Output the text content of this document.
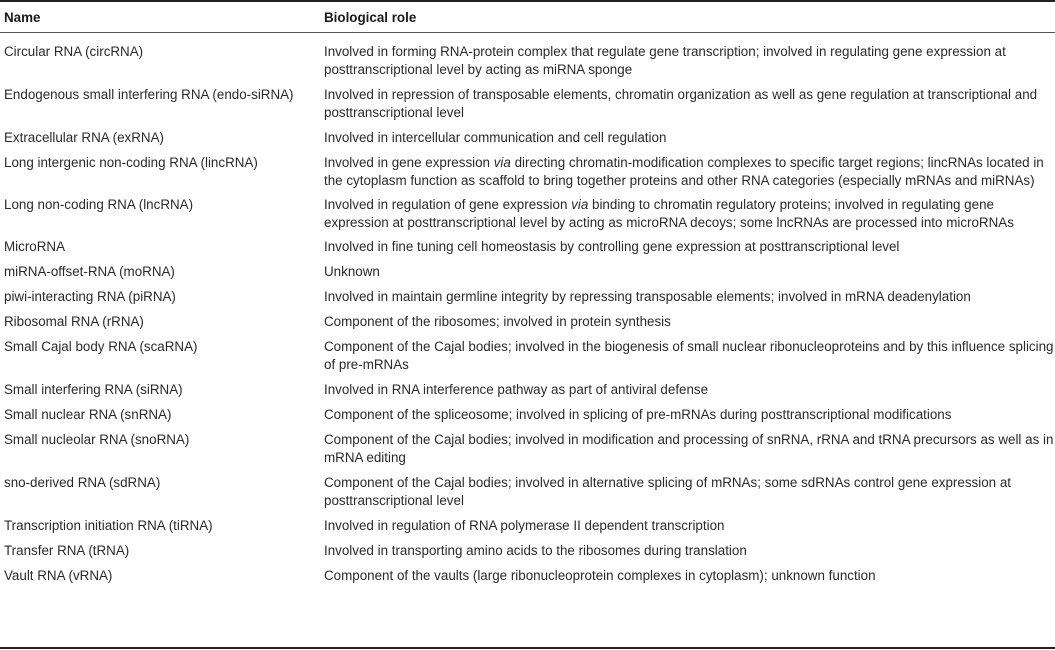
Name	Biological role
Circular RNA (circRNA)	Involved in forming RNA-protein complex that regulate gene transcription; involved in regulating gene expression at posttranscriptional level by acting as miRNA sponge
Endogenous small interfering RNA (endo-siRNA)	Involved in repression of transposable elements, chromatin organization as well as gene regulation at transcriptional and posttranscriptional level
Extracellular RNA (exRNA)	Involved in intercellular communication and cell regulation
Long intergenic non-coding RNA (lincRNA)	Involved in gene expression via directing chromatin-modification complexes to specific target regions; lincRNAs located in the cytoplasm function as scaffold to bring together proteins and other RNA categories (especially mRNAs and miRNAs)
Long non-coding RNA (lncRNA)	Involved in regulation of gene expression via binding to chromatin regulatory proteins; involved in regulating gene expression at posttranscriptional level by acting as microRNA decoys; some lncRNAs are processed into microRNAs
MicroRNA	Involved in fine tuning cell homeostasis by controlling gene expression at posttranscriptional level
miRNA-offset-RNA (moRNA)	Unknown
piwi-interacting RNA (piRNA)	Involved in maintain germline integrity by repressing transposable elements; involved in mRNA deadenylation
Ribosomal RNA (rRNA)	Component of the ribosomes; involved in protein synthesis
Small Cajal body RNA (scaRNA)	Component of the Cajal bodies; involved in the biogenesis of small nuclear ribonucleoproteins and by this influence splicing of pre-mRNAs
Small interfering RNA (siRNA)	Involved in RNA interference pathway as part of antiviral defense
Small nuclear RNA (snRNA)	Component of the spliceosome; involved in splicing of pre-mRNAs during posttranscriptional modifications
Small nucleolar RNA (snoRNA)	Component of the Cajal bodies; involved in modification and processing of snRNA, rRNA and tRNA precursors as well as in mRNA editing
sno-derived RNA (sdRNA)	Component of the Cajal bodies; involved in alternative splicing of mRNAs; some sdRNAs control gene expression at posttranscriptional level
Transcription initiation RNA (tiRNA)	Involved in regulation of RNA polymerase II dependent transcription
Transfer RNA (tRNA)	Involved in transporting amino acids to the ribosomes during translation
Vault RNA (vRNA)	Component of the vaults (large ribonucleoprotein complexes in cytoplasm); unknown function
